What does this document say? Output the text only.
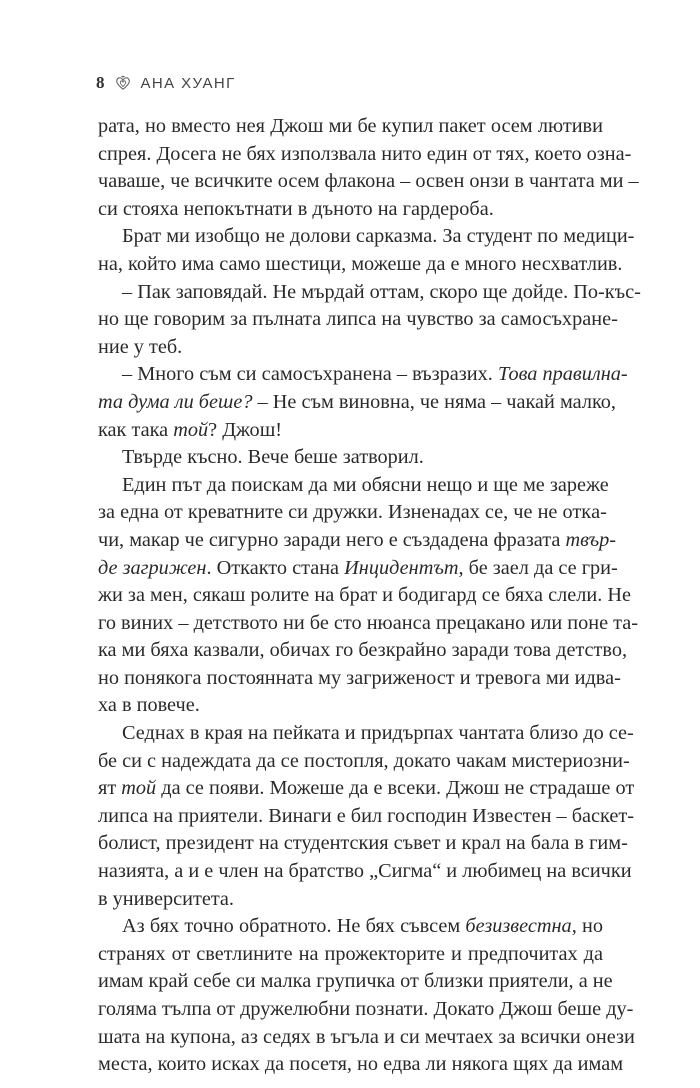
8 АНА ХУАНГ
рата, но вместо нея Джош ми бе купил пакет осем лютиви
спрея. Досега не бях използвала нито един от тях, което озна-
чаваше, че всичките осем флакона – освен онзи в чантата ми –
си стояха непокътнати в дъното на гардероба.
Брат ми изобщо не долови сарказма. За студент по медици-
на, който има само шестици, можеше да е много несхватлив.
– Пак заповядай. Не мърдай оттам, скоро ще дойде. По-къс-
но ще говорим за пълната липса на чувство за самосъхране-
ние у теб.
– Много съм си самосъхранена – възразих. Това правилна-
та дума ли беше? – Не съм виновна, че няма – чакай малко,
как така той? Джош!
Твърде късно. Вече беше затворил.
Един път да поискам да ми обясни нещо и ще ме зареже
за една от креватните си дружки. Изненадах се, че не откa-
чи, макар че сигурно заради него е създадена фразата твър-
де загрижен. Откакто стана Инцидентът, бе заел да се гри-
жи за мен, сякаш ролите на брат и бодигард се бяха слели. Не
го виних – детството ни бе сто нюанса прецакано или поне та-
ка ми бяха казвали, обичах го безкрайно заради това детство,
но понякога постоянната му загриженост и тревога ми идва-
ха в повече.
Седнах в края на пейката и придърпах чантата близо до се-
бе си с надеждата да се постопля, докато чакам мистериозни-
ят той да се появи. Можеше да е всеки. Джош не страдаше от
липса на приятели. Винаги е бил господин Известен – баскет-
болист, президент на студентския съвет и крал на бала в гим-
назията, а и е член на братство „Сигма“ и любимец на всички
в университета.
Аз бях точно обратното. Не бях съвсем безизвестна, но
странях от светлините на прожекторите и предпочитах да
имам край себе си малка групичка от близки приятели, а не
голяма тълпа от дружелюбни познати. Докато Джош беше ду-
шата на купона, аз седях в ъгъла и си мечтаех за всички онези
места, които исках да посетя, но едва ли някога щях да имам
